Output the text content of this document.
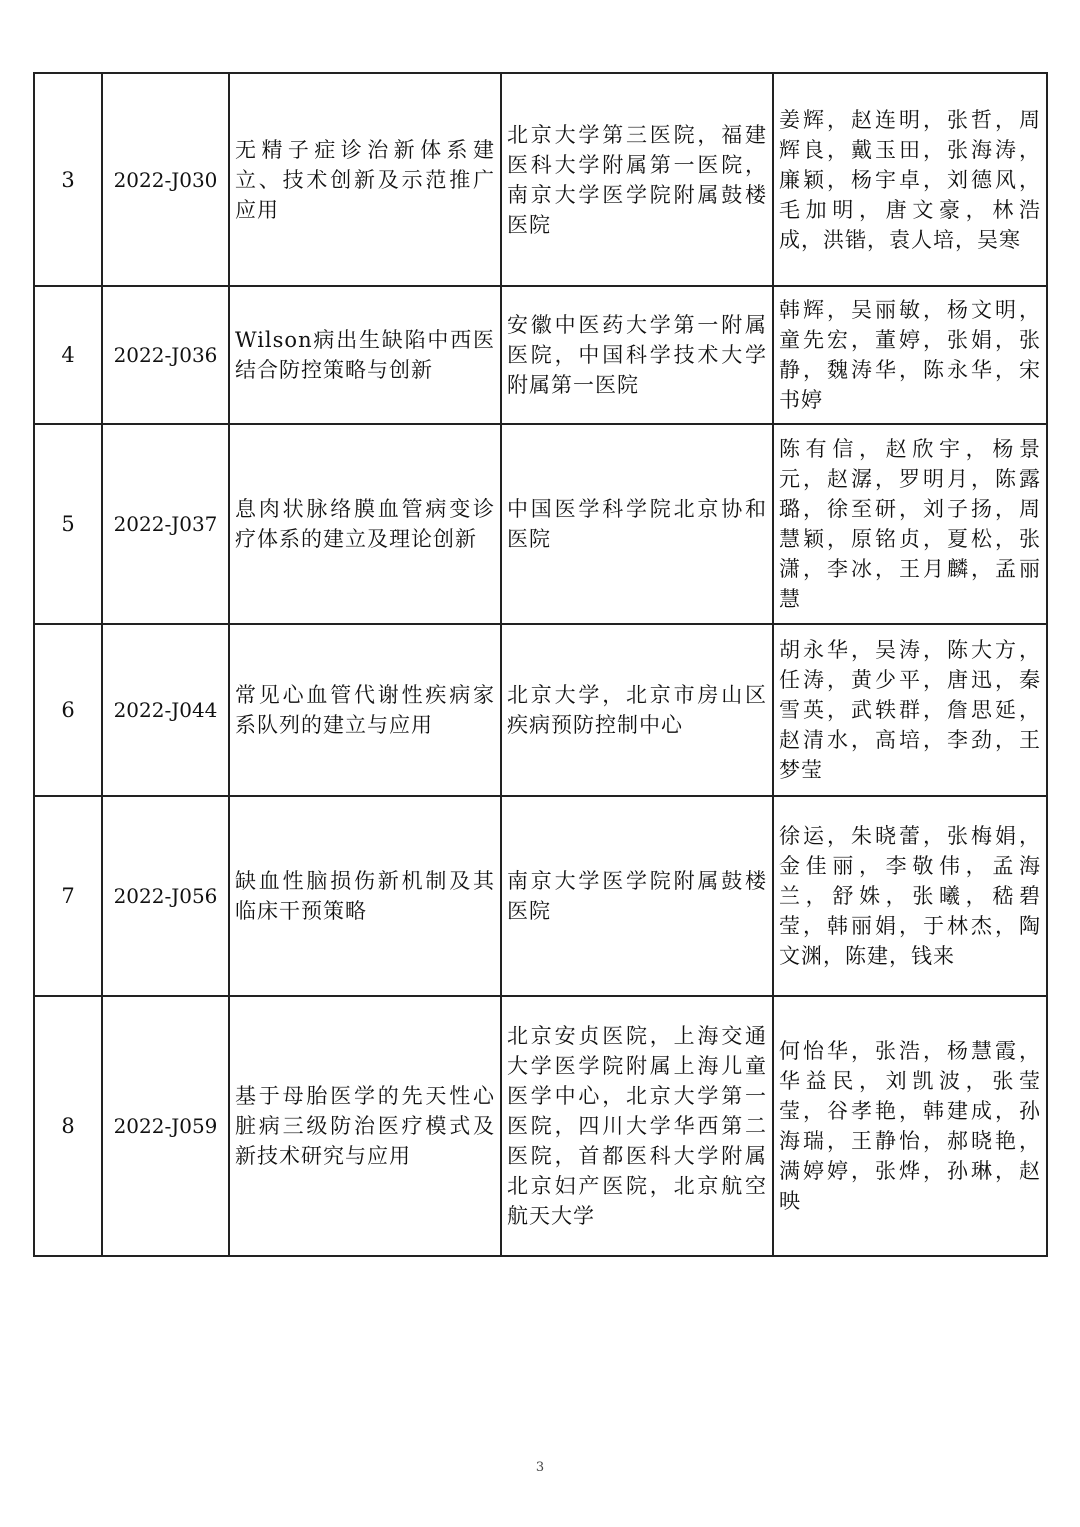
3	2022-J030	无精子症诊治新体系建立、技术创新及示范推广应用	北京大学第三医院，福建医科大学附属第一医院，南京大学医学院附属鼓楼医院	姜辉，赵连明，张哲，周辉良，戴玉田，张海涛，廉颖，杨宇卓，刘德风，毛加明，唐文豪，林浩成，洪锴，袁人培，吴寒
4	2022-J036	Wilson病出生缺陷中西医结合防控策略与创新	安徽中医药大学第一附属医院，中国科学技术大学附属第一医院	韩辉，吴丽敏，杨文明，童先宏，董婷，张娟，张静，魏涛华，陈永华，宋书婷
5	2022-J037	息肉状脉络膜血管病变诊疗体系的建立及理论创新	中国医学科学院北京协和医院	陈有信，赵欣宇，杨景元，赵潺，罗明月，陈露璐，徐至研，刘子扬，周慧颖，原铭贞，夏松，张潇，李冰，王月麟，孟丽慧
6	2022-J044	常见心血管代谢性疾病家系队列的建立与应用	北京大学，北京市房山区疾病预防控制中心	胡永华，吴涛，陈大方，任涛，黄少平，唐迅，秦雪英，武轶群，詹思延，赵清水，高培，李劲，王梦莹
7	2022-J056	缺血性脑损伤新机制及其临床干预策略	南京大学医学院附属鼓楼医院	徐运，朱晓蕾，张梅娟，金佳丽，李敬伟，孟海兰，舒姝，张曦，嵇碧莹，韩丽娟，于林杰，陶文渊，陈建，钱来
8	2022-J059	基于母胎医学的先天性心脏病三级防治医疗模式及新技术研究与应用	北京安贞医院，上海交通大学医学院附属上海儿童医学中心，北京大学第一医院，四川大学华西第二医院，首都医科大学附属北京妇产医院，北京航空航天大学	何怡华，张浩，杨慧霞，华益民，刘凯波，张莹莹，谷孝艳，韩建成，孙海瑞，王静怡，郝晓艳，满婷婷，张烨，孙琳，赵映
3
